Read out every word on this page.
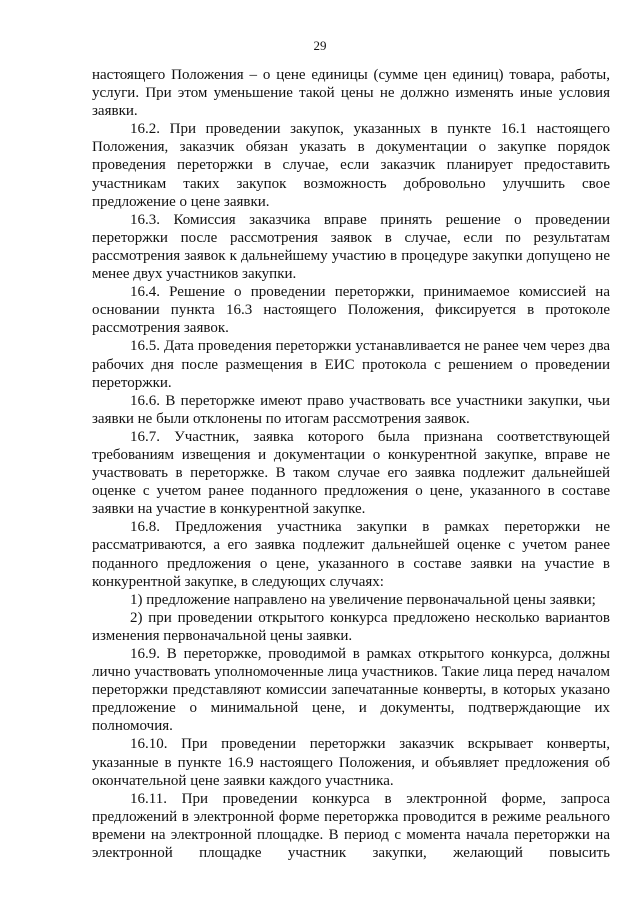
29

настоящего Положения – о цене единицы (сумме цен единиц) товара, работы, услуги. При этом уменьшение такой цены не должно изменять иные условия заявки.

16.2. При проведении закупок, указанных в пункте 16.1 настоящего Положения, заказчик обязан указать в документации о закупке порядок проведения переторжки в случае, если заказчик планирует предоставить участникам таких закупок возможность добровольно улучшить свое предложение о цене заявки.

16.3. Комиссия заказчика вправе принять решение о проведении переторжки после рассмотрения заявок в случае, если по результатам рассмотрения заявок к дальнейшему участию в процедуре закупки допущено не менее двух участников закупки.

16.4. Решение о проведении переторжки, принимаемое комиссией на основании пункта 16.3 настоящего Положения, фиксируется в протоколе рассмотрения заявок.

16.5. Дата проведения переторжки устанавливается не ранее чем через два рабочих дня после размещения в ЕИС протокола с решением о проведении переторжки.

16.6. В переторжке имеют право участвовать все участники закупки, чьи заявки не были отклонены по итогам рассмотрения заявок.

16.7. Участник, заявка которого была признана соответствующей требованиям извещения и документации о конкурентной закупке, вправе не участвовать в переторжке. В таком случае его заявка подлежит дальнейшей оценке с учетом ранее поданного предложения о цене, указанного в составе заявки на участие в конкурентной закупке.

16.8. Предложения участника закупки в рамках переторжки не рассматриваются, а его заявка подлежит дальнейшей оценке с учетом ранее поданного предложения о цене, указанного в составе заявки на участие в конкурентной закупке, в следующих случаях:

1) предложение направлено на увеличение первоначальной цены заявки;

2) при проведении открытого конкурса предложено несколько вариантов изменения первоначальной цены заявки.

16.9. В переторжке, проводимой в рамках открытого конкурса, должны лично участвовать уполномоченные лица участников. Такие лица перед началом переторжки представляют комиссии запечатанные конверты, в которых указано предложение о минимальной цене, и документы, подтверждающие их полномочия.

16.10. При проведении переторжки заказчик вскрывает конверты, указанные в пункте 16.9 настоящего Положения, и объявляет предложения об окончательной цене заявки каждого участника.

16.11. При проведении конкурса в электронной форме, запроса предложений в электронной форме переторжка проводится в режиме реального времени на электронной площадке. В период с момента начала переторжки на электронной площадке участник закупки, желающий повысить
